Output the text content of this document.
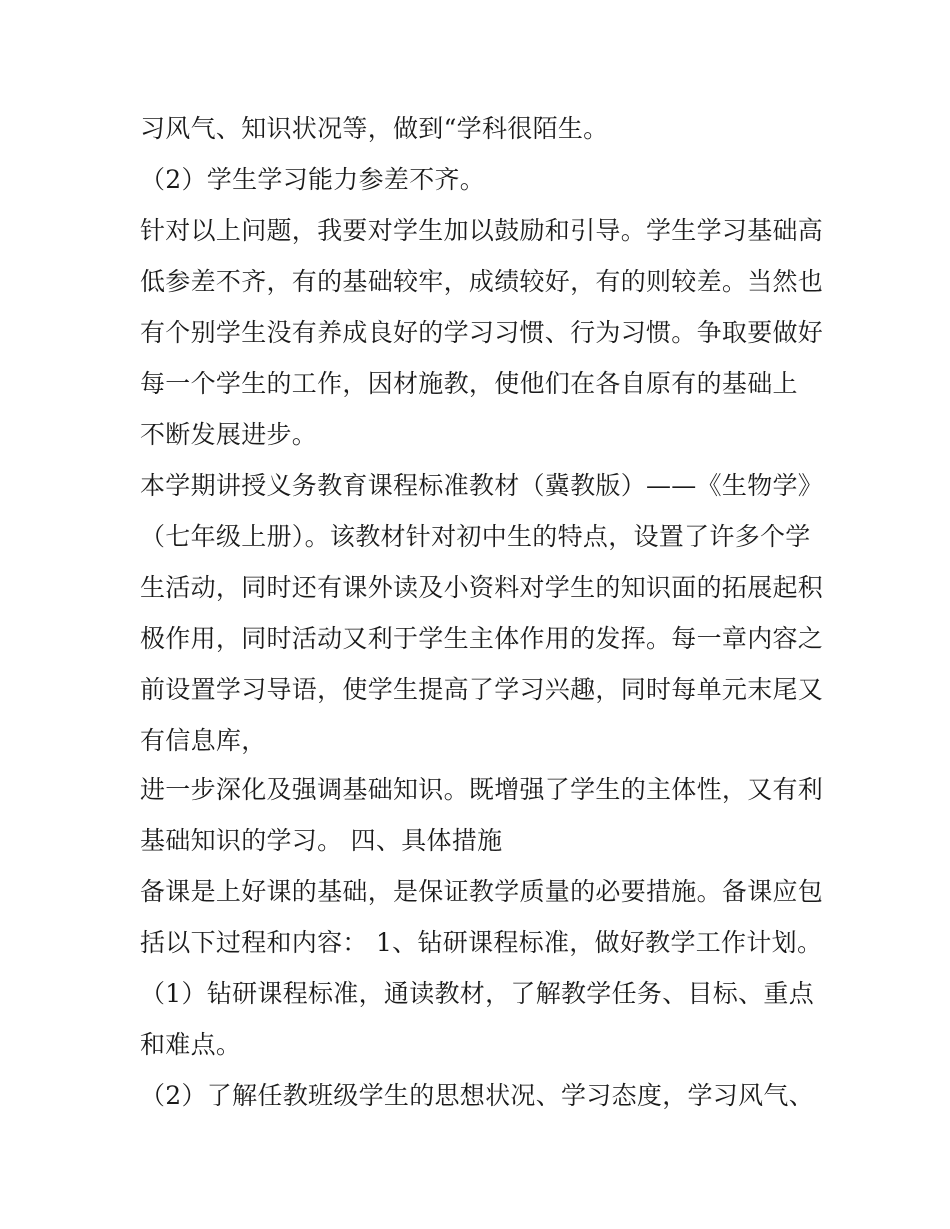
习风气、知识状况等，做到“学科很陌生。
（2）学生学习能力参差不齐。
针对以上问题，我要对学生加以鼓励和引导。学生学习基础高
低参差不齐，有的基础较牢，成绩较好，有的则较差。当然也
有个别学生没有养成良好的学习习惯、行为习惯。争取要做好
每一个学生的工作，因材施教，使他们在各自原有的基础上
不断发展进步。
本学期讲授义务教育课程标准教材（冀教版）——《生物学》
（七年级上册）。该教材针对初中生的特点，设置了许多个学
生活动，同时还有课外读及小资料对学生的知识面的拓展起积
极作用，同时活动又利于学生主体作用的发挥。每一章内容之
前设置学习导语，使学生提高了学习兴趣，同时每单元末尾又
有信息库，
进一步深化及强调基础知识。既增强了学生的主体性，又有利
基础知识的学习。 四、具体措施
备课是上好课的基础，是保证教学质量的必要措施。备课应包
括以下过程和内容： 1、钻研课程标准，做好教学工作计划。
（1）钻研课程标准，通读教材，了解教学任务、目标、重点
和难点。
（2）了解任教班级学生的思想状况、学习态度，学习风气、
